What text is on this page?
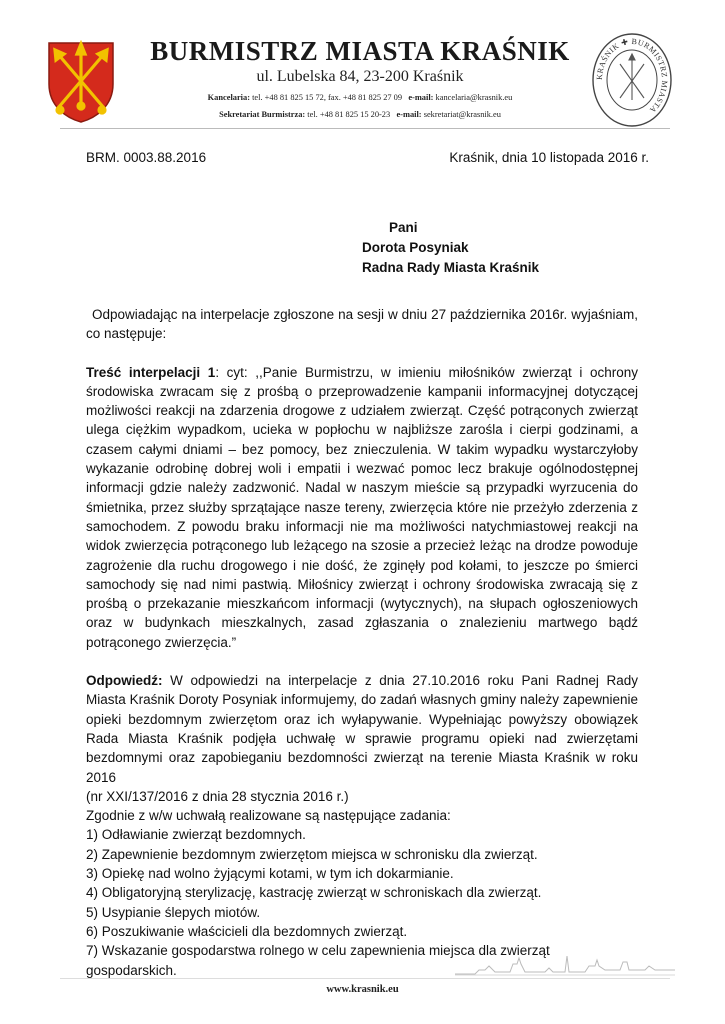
BURMISTRZ MIASTA KRAŚNIK
ul. Lubelska 84, 23-200 Kraśnik
Kancelaria: tel. +48 81 825 15 72, fax. +48 81 825 27 09 e-mail: kancelaria@krasnik.eu
Sekretariat Burmistrza: tel. +48 81 825 15 20-23 e-mail: sekretariat@krasnik.eu
KRAŚNIK ✚ BURMISTRZ MIASTA
BRM. 0003.88.2016	Kraśnik, dnia 10 listopada 2016 r.
Pani
Dorota Posyniak
Radna Rady Miasta Kraśnik

Odpowiadając na interpelacje zgłoszone na sesji w dniu 27 października 2016r. wyjaśniam, co następuje:

Treść interpelacji 1: cyt: ,,Panie Burmistrzu, w imieniu miłośników zwierząt i ochrony środowiska zwracam się z prośbą o przeprowadzenie kampanii informacyjnej dotyczącej możliwości reakcji na zdarzenia drogowe z udziałem zwierząt. Część potrąconych zwierząt ulega ciężkim wypadkom, ucieka w popłochu w najbliższe zarośla i cierpi godzinami, a czasem całymi dniami – bez pomocy, bez znieczulenia. W takim wypadku wystarczyłoby wykazanie odrobinę dobrej woli i empatii i wezwać pomoc lecz brakuje ogólnodostępnej informacji gdzie należy zadzwonić. Nadal w naszym mieście są przypadki wyrzucenia do śmietnika, przez służby sprzątające nasze tereny, zwierzęcia które nie przeżyło zderzenia z samochodem. Z powodu braku informacji nie ma możliwości natychmiastowej reakcji na widok zwierzęcia potrąconego lub leżącego na szosie a przecież leżąc na drodze powoduje zagrożenie dla ruchu drogowego i nie dość, że zginęły pod kołami, to jeszcze po śmierci samochody się nad nimi pastwią. Miłośnicy zwierząt i ochrony środowiska zwracają się z prośbą o przekazanie mieszkańcom informacji (wytycznych), na słupach ogłoszeniowych oraz w budynkach mieszkalnych, zasad zgłaszania o znalezieniu martwego bądź potrąconego zwierzęcia.”

Odpowiedź: W odpowiedzi na interpelacje z dnia 27.10.2016 roku Pani Radnej Rady Miasta Kraśnik Doroty Posyniak informujemy, do zadań własnych gminy należy zapewnienie opieki bezdomnym zwierzętom oraz ich wyłapywanie. Wypełniając powyższy obowiązek Rada Miasta Kraśnik podjęła uchwałę w sprawie programu opieki nad zwierzętami bezdomnymi oraz zapobieganiu bezdomności zwierząt na terenie Miasta Kraśnik w roku 2016

(nr XXI/137/2016 z dnia 28 stycznia 2016 r.)

Zgodnie z w/w uchwałą realizowane są następujące zadania:

1) Odławianie zwierząt bezdomnych.
2) Zapewnienie bezdomnym zwierzętom miejsca w schronisku dla zwierząt.
3) Opiekę nad wolno żyjącymi kotami, w tym ich dokarmianie.
4) Obligatoryjną sterylizację, kastrację zwierząt w schroniskach dla zwierząt.
5) Usypianie ślepych miotów.
6) Poszukiwanie właścicieli dla bezdomnych zwierząt.
7) Wskazanie gospodarstwa rolnego w celu zapewnienia miejsca dla zwierząt gospodarskich.
www.krasnik.eu
